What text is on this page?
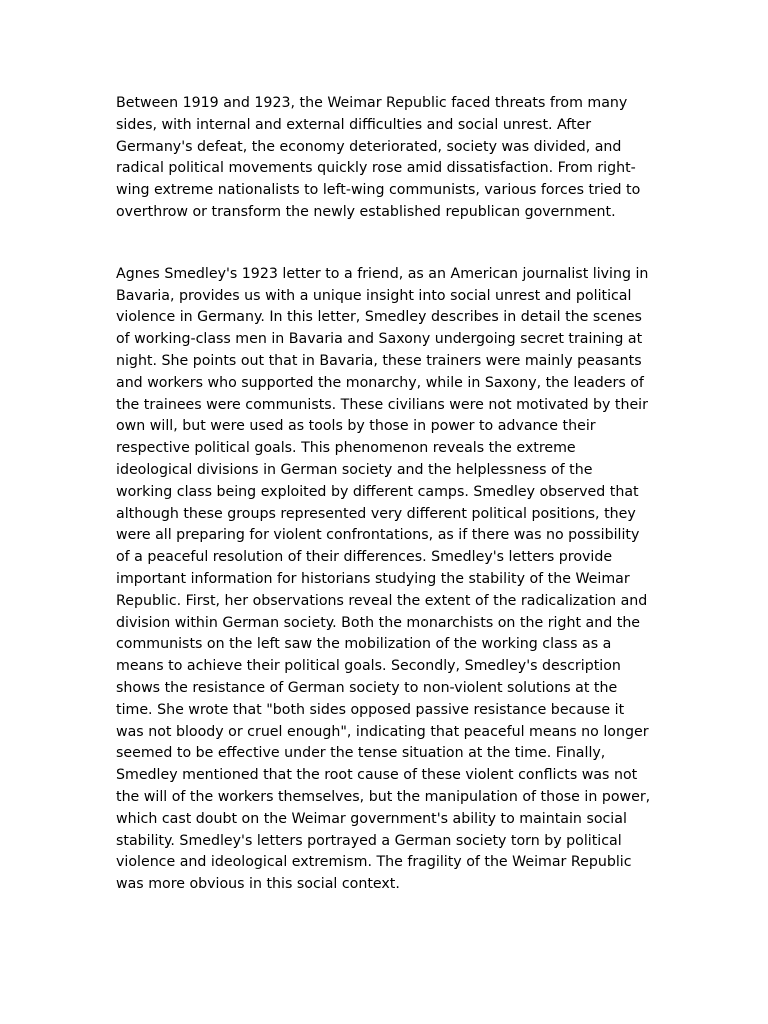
Between 1919 and 1923, the Weimar Republic faced threats from many
sides, with internal and external difficulties and social unrest. After
Germany's defeat, the economy deteriorated, society was divided, and
radical political movements quickly rose amid dissatisfaction. From right-
wing extreme nationalists to left-wing communists, various forces tried to
overthrow or transform the newly established republican government.

Agnes Smedley's 1923 letter to a friend, as an American journalist living in
Bavaria, provides us with a unique insight into social unrest and political
violence in Germany. In this letter, Smedley describes in detail the scenes
of working-class men in Bavaria and Saxony undergoing secret training at
night. She points out that in Bavaria, these trainers were mainly peasants
and workers who supported the monarchy, while in Saxony, the leaders of
the trainees were communists. These civilians were not motivated by their
own will, but were used as tools by those in power to advance their
respective political goals. This phenomenon reveals the extreme
ideological divisions in German society and the helplessness of the
working class being exploited by different camps. Smedley observed that
although these groups represented very different political positions, they
were all preparing for violent confrontations, as if there was no possibility
of a peaceful resolution of their differences. Smedley's letters provide
important information for historians studying the stability of the Weimar
Republic. First, her observations reveal the extent of the radicalization and
division within German society. Both the monarchists on the right and the
communists on the left saw the mobilization of the working class as a
means to achieve their political goals. Secondly, Smedley's description
shows the resistance of German society to non-violent solutions at the
time. She wrote that "both sides opposed passive resistance because it
was not bloody or cruel enough", indicating that peaceful means no longer
seemed to be effective under the tense situation at the time. Finally,
Smedley mentioned that the root cause of these violent conflicts was not
the will of the workers themselves, but the manipulation of those in power,
which cast doubt on the Weimar government's ability to maintain social
stability. Smedley's letters portrayed a German society torn by political
violence and ideological extremism. The fragility of the Weimar Republic
was more obvious in this social context.
